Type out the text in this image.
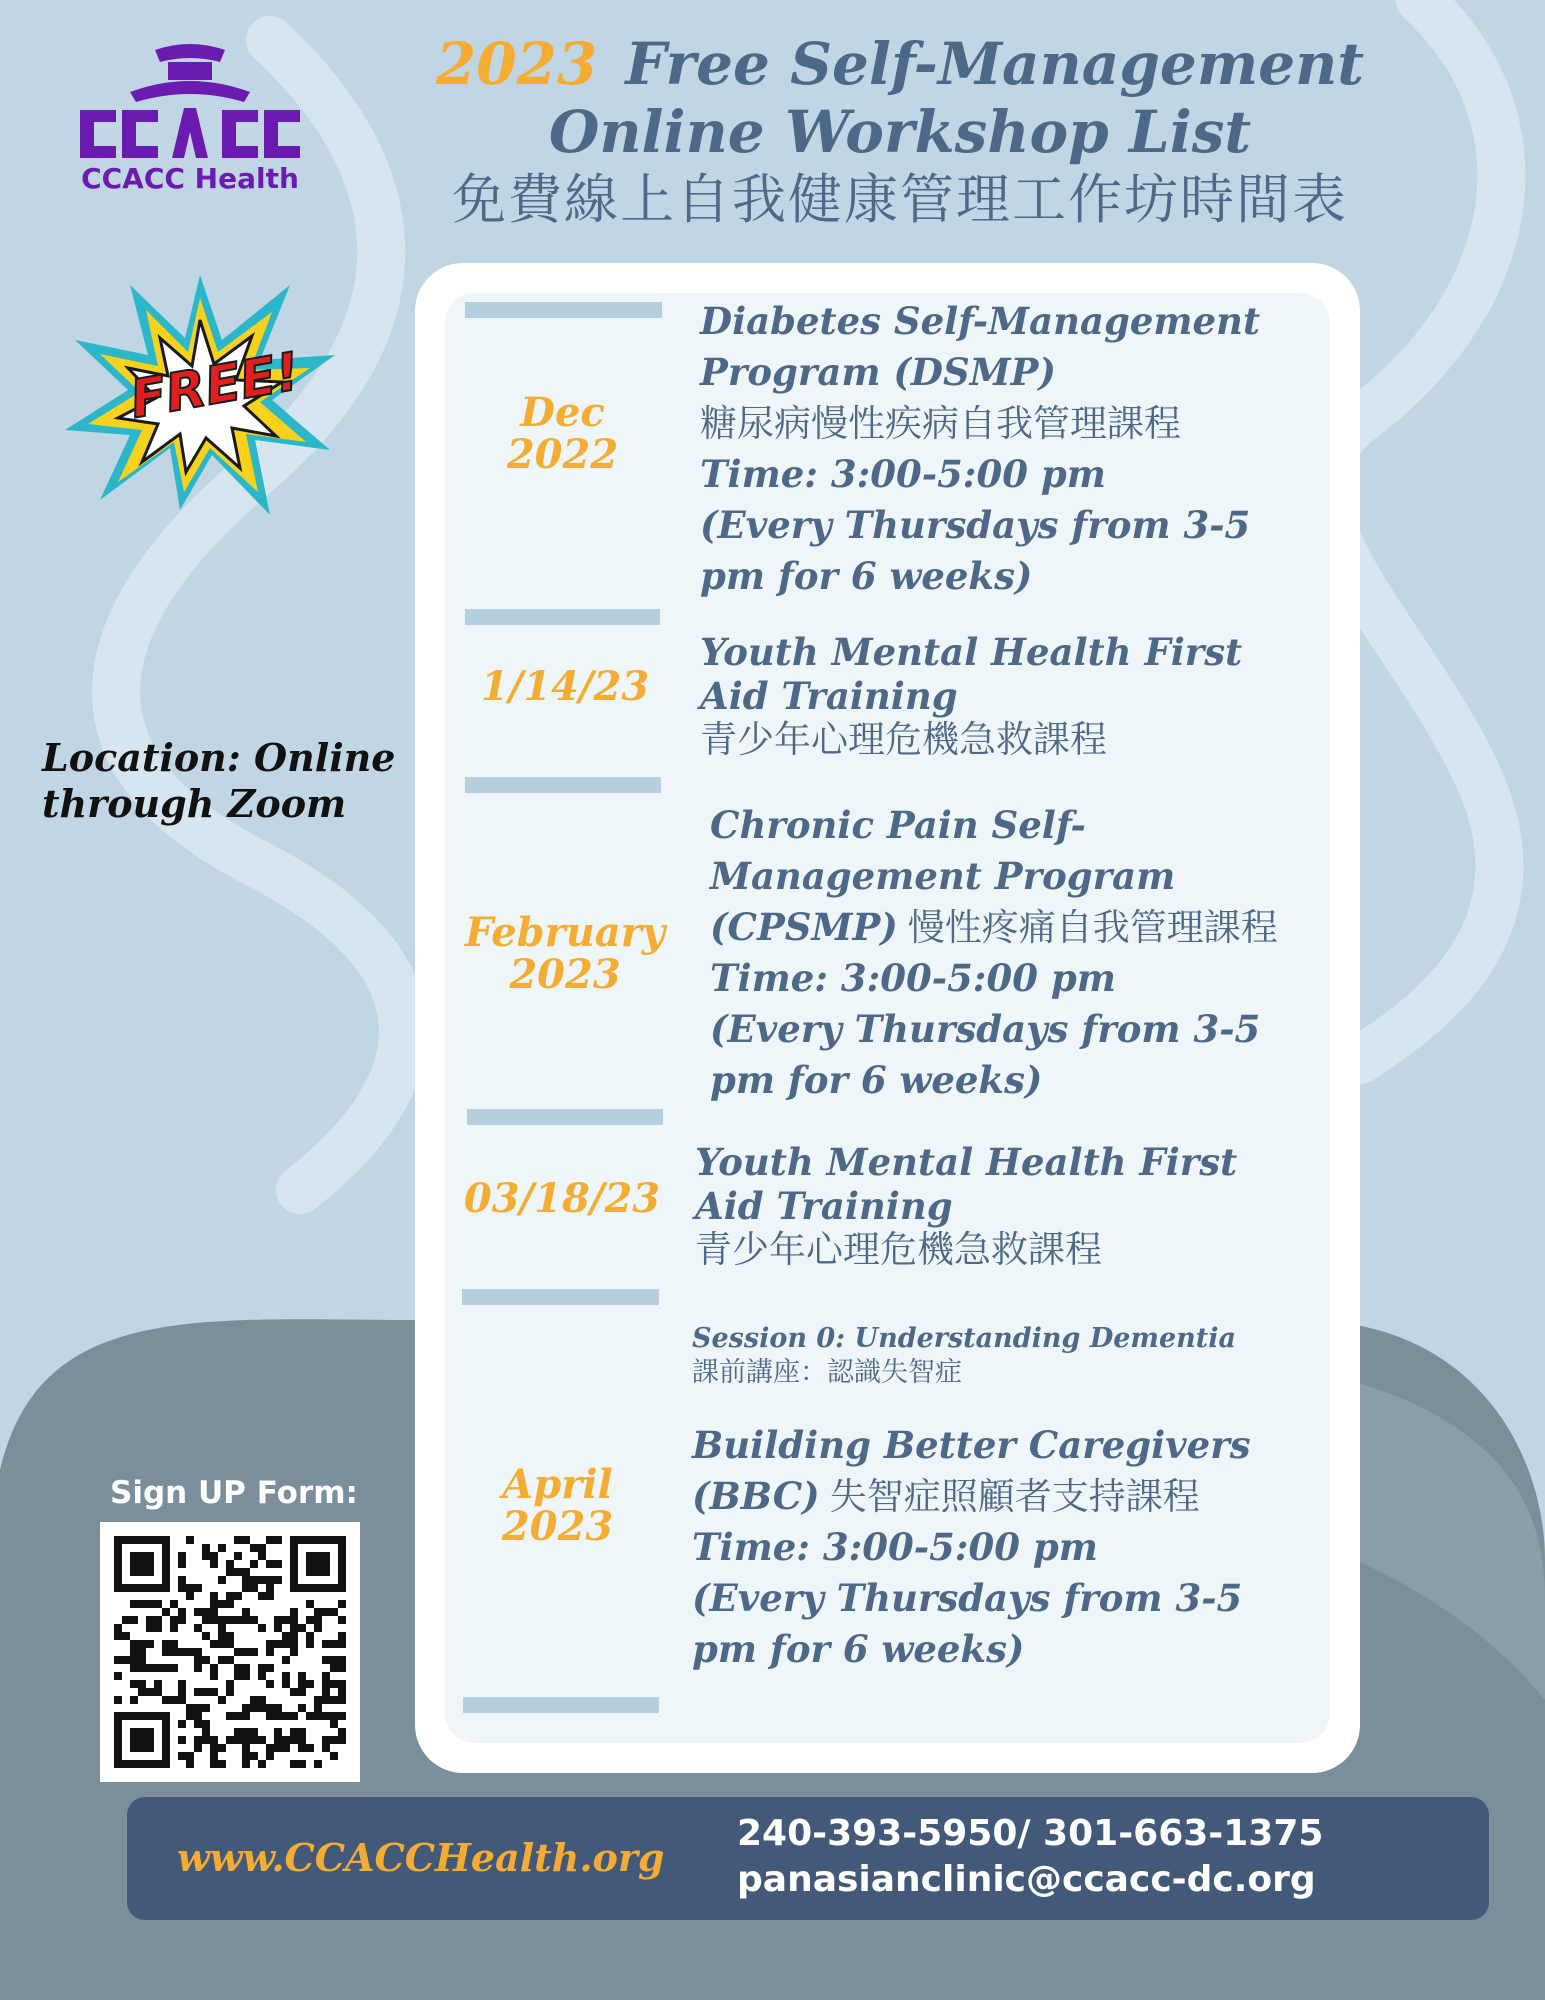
CCACC Health
2023 Free Self-Management
Online Workshop List
免費線上自我健康管理工作坊時間表
FREE!
Location: Online
through Zoom
Dec
2022
Diabetes Self-Management
Program (DSMP)
糖尿病慢性疾病自我管理課程
Time: 3:00-5:00 pm
(Every Thursdays from 3-5
pm for 6 weeks)
1/14/23
Youth Mental Health First
Aid Training
青少年心理危機急救課程
February
2023
Chronic Pain Self-
Management Program
(CPSMP) 慢性疼痛自我管理課程
Time: 3:00-5:00 pm
(Every Thursdays from 3-5
pm for 6 weeks)
03/18/23
Youth Mental Health First
Aid Training
青少年心理危機急救課程
April
2023
Session 0: Understanding Dementia
課前講座：認識失智症
Building Better Caregivers
(BBC) 失智症照顧者支持課程
Time: 3:00-5:00 pm
(Every Thursdays from 3-5
pm for 6 weeks)
Sign UP Form:
www.CCACCHealth.org
240-393-5950/ 301-663-1375
panasianclinic@ccacc-dc.org
